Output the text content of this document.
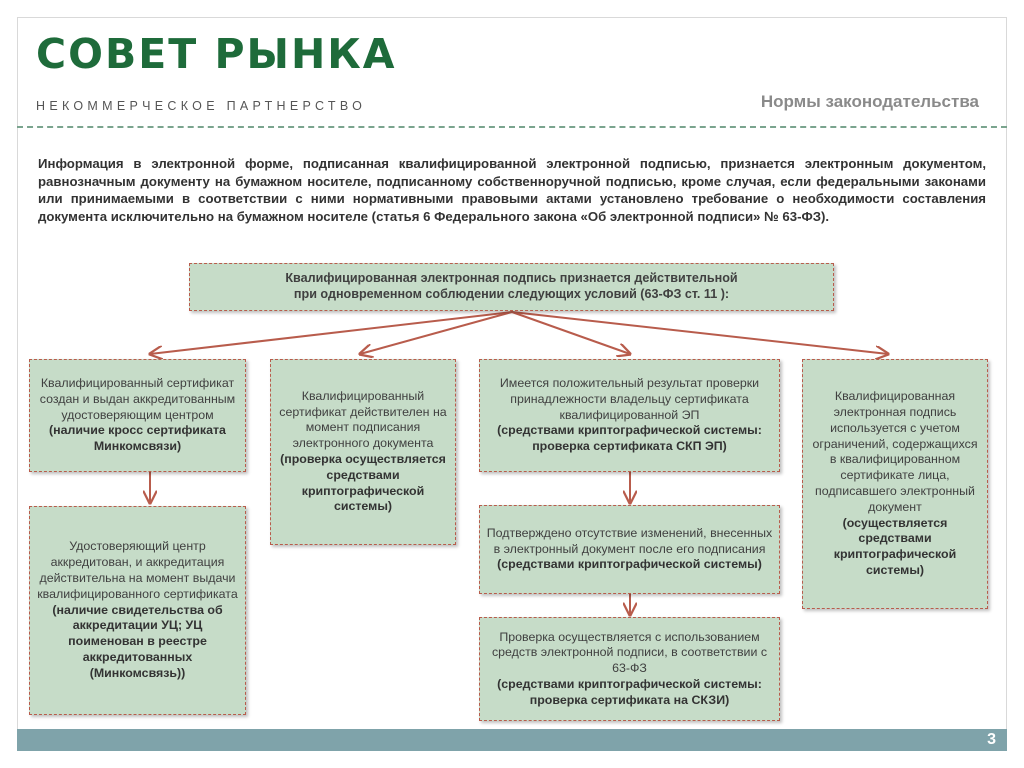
СОВЕТ РЫНКА
НЕКОММЕРЧЕСКОЕ ПАРТНЕРСТВО	Нормы законодательства

Информация в электронной форме, подписанная квалифицированной электронной подписью, признается электронным документом, равнозначным документу на бумажном носителе, подписанному собственноручной подписью, кроме случая, если федеральными законами или принимаемыми в соответствии с ними нормативными правовыми актами установлено требование о необходимости составления документа исключительно на бумажном носителе (статья 6 Федерального закона «Об электронной подписи» № 63-ФЗ).

Квалифицированная электронная подпись признается действительной
при одновременном соблюдении следующих условий (63-ФЗ ст. 11 ):
Квалифицированный сертификат создан и выдан аккредитованным удостоверяющим центром
(наличие кросс сертификата Минкомсвязи)
Квалифицированный сертификат действителен на момент подписания электронного документа
(проверка осуществляется средствами криптографической системы)
Имеется положительный результат проверки принадлежности владельцу сертификата квалифицированной ЭП
(средствами криптографической системы: проверка сертификата СКП ЭП)
Квалифицированная электронная подпись используется с учетом ограничений, содержащихся в квалифицированном сертификате лица, подписавшего электронный документ
(осуществляется средствами криптографической системы)
Удостоверяющий центр аккредитован, и аккредитация действительна на момент выдачи квалифицированного сертификата
(наличие свидетельства об аккредитации УЦ; УЦ поименован в реестре аккредитованных (Минкомсвязь))
Подтверждено отсутствие изменений, внесенных в электронный документ после его подписания
(средствами криптографической системы)
Проверка осуществляется с использованием средств электронной подписи, в соответствии с 63-ФЗ
(средствами криптографической системы: проверка сертификата на СКЗИ)
3
